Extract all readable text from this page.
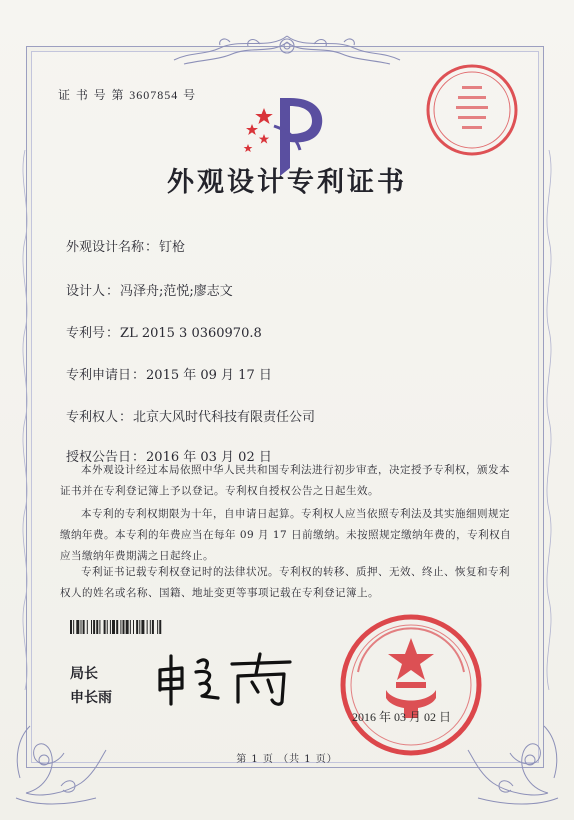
证 书 号 第 3607854 号
外观设计专利证书
外观设计名称：钉枪
设计人：冯泽舟;范悦;廖志文
专利号：ZL 2015 3 0360970.8
专利申请日：2015 年 09 月 17 日
专利权人：北京大风时代科技有限责任公司
授权公告日：2016 年 03 月 02 日
本外观设计经过本局依照中华人民共和国专利法进行初步审查，决定授予专利权，颁发本证书并在专利登记簿上予以登记。专利权自授权公告之日起生效。
本专利的专利权期限为十年，自申请日起算。专利权人应当依照专利法及其实施细则规定缴纳年费。本专利的年费应当在每年 09 月 17 日前缴纳。未按照规定缴纳年费的，专利权自应当缴纳年费期满之日起终止。
专利证书记载专利权登记时的法律状况。专利权的转移、质押、无效、终止、恢复和专利权人的姓名或名称、国籍、地址变更等事项记载在专利登记簿上。
局长
申长雨
2016 年 03 月 02 日
第 1 页 （共 1 页）
